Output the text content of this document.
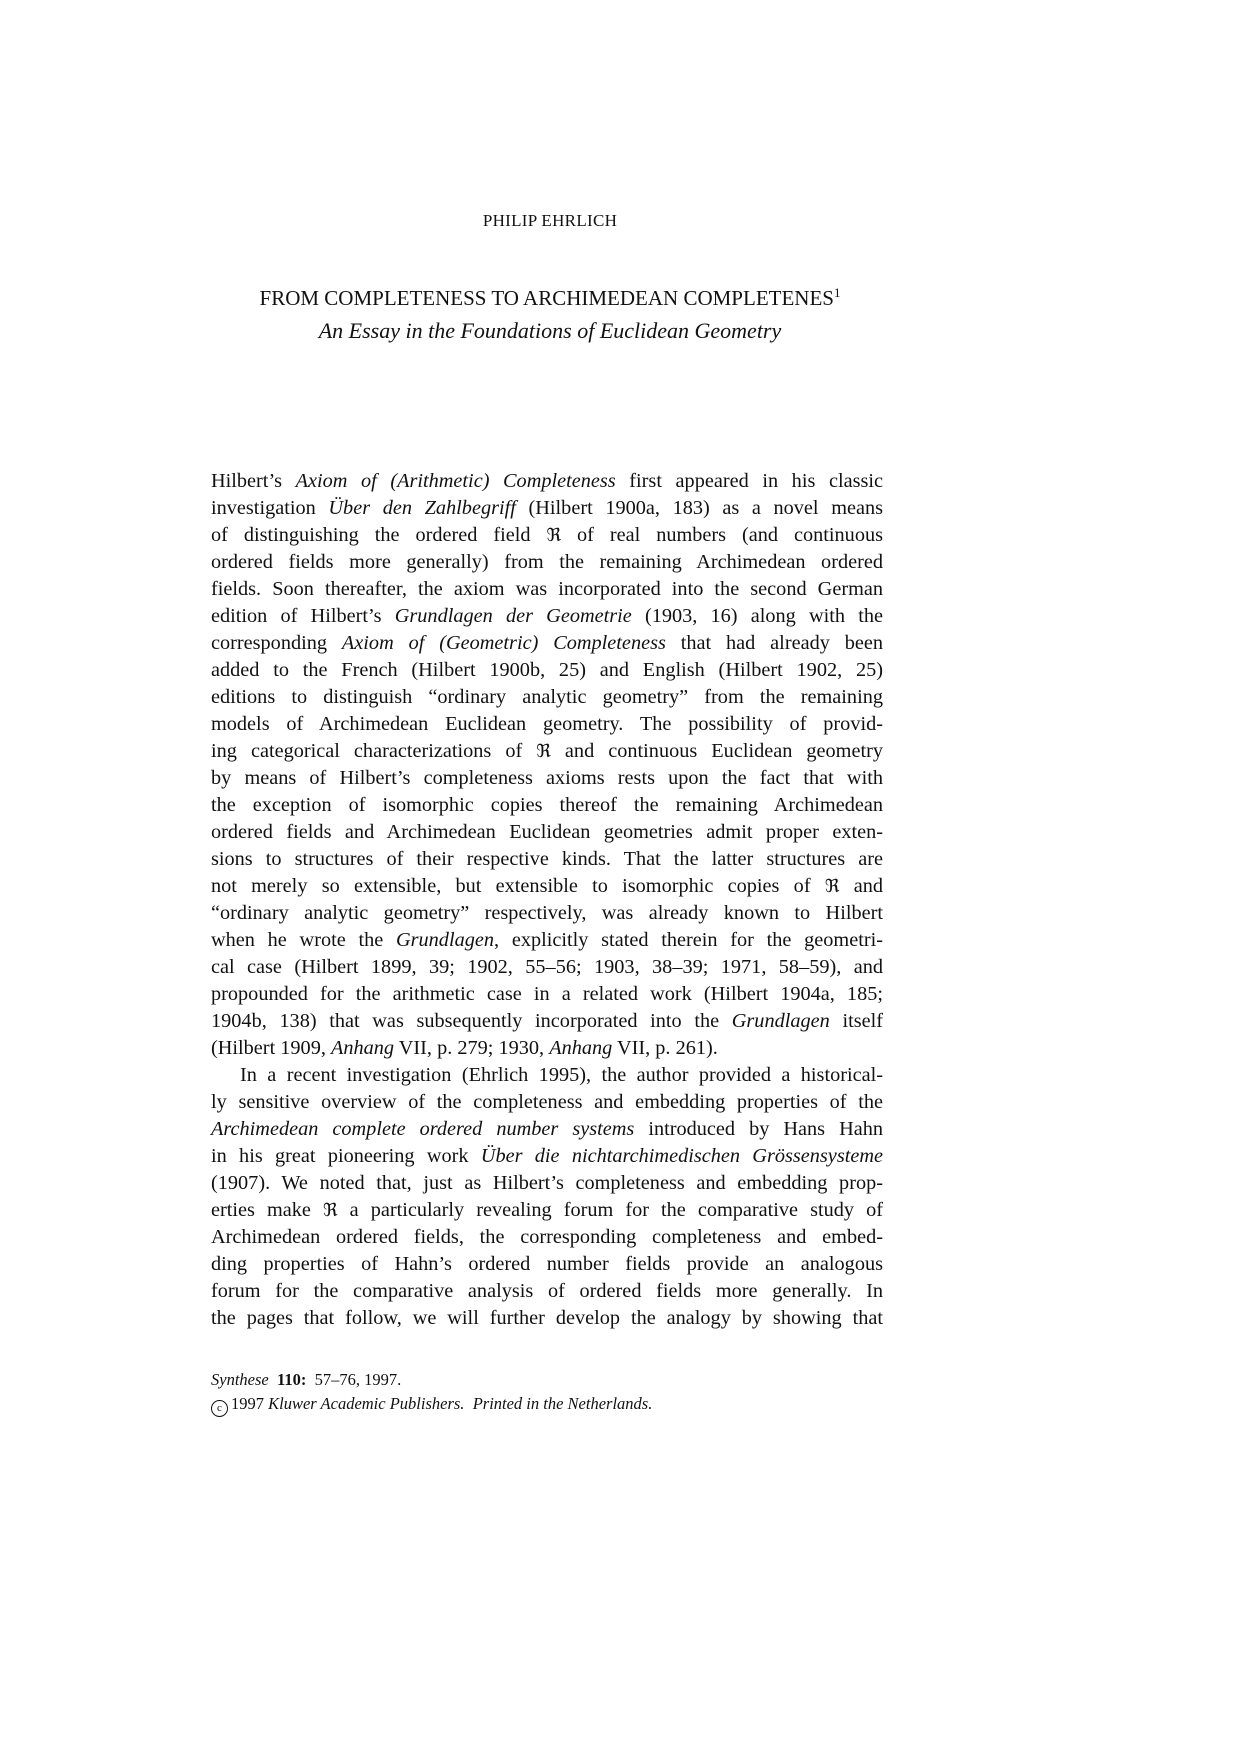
PHILIP EHRLICH
FROM COMPLETENESS TO ARCHIMEDEAN COMPLETENES$^1$
An Essay in the Foundations of Euclidean Geometry
Hilbert’s Axiom of (Arithmetic) Completeness first appeared in his classic
investigation Über den Zahlbegriff (Hilbert 1900a, 183) as a novel means
of distinguishing the ordered field ℜ of real numbers (and continuous
ordered fields more generally) from the remaining Archimedean ordered
fields. Soon thereafter, the axiom was incorporated into the second German
edition of Hilbert’s Grundlagen der Geometrie (1903, 16) along with the
corresponding Axiom of (Geometric) Completeness that had already been
added to the French (Hilbert 1900b, 25) and English (Hilbert 1902, 25)
editions to distinguish “ordinary analytic geometry” from the remaining
models of Archimedean Euclidean geometry. The possibility of provid-
ing categorical characterizations of ℜ and continuous Euclidean geometry
by means of Hilbert’s completeness axioms rests upon the fact that with
the exception of isomorphic copies thereof the remaining Archimedean
ordered fields and Archimedean Euclidean geometries admit proper exten-
sions to structures of their respective kinds. That the latter structures are
not merely so extensible, but extensible to isomorphic copies of ℜ and
“ordinary analytic geometry” respectively, was already known to Hilbert
when he wrote the Grundlagen, explicitly stated therein for the geometri-
cal case (Hilbert 1899, 39; 1902, 55–56; 1903, 38–39; 1971, 58–59), and
propounded for the arithmetic case in a related work (Hilbert 1904a, 185;
1904b, 138) that was subsequently incorporated into the Grundlagen itself
(Hilbert 1909, Anhang VII, p. 279; 1930, Anhang VII, p. 261).
In a recent investigation (Ehrlich 1995), the author provided a historical-
ly sensitive overview of the completeness and embedding properties of the
Archimedean complete ordered number systems introduced by Hans Hahn
in his great pioneering work Über die nichtarchimedischen Grössensysteme
(1907). We noted that, just as Hilbert’s completeness and embedding prop-
erties make ℜ a particularly revealing forum for the comparative study of
Archimedean ordered fields, the corresponding completeness and embed-
ding properties of Hahn’s ordered number fields provide an analogous
forum for the comparative analysis of ordered fields more generally. In
the pages that follow, we will further develop the analogy by showing that
Synthese 110: 57–76, 1997.
c 1997 Kluwer Academic Publishers. Printed in the Netherlands.
